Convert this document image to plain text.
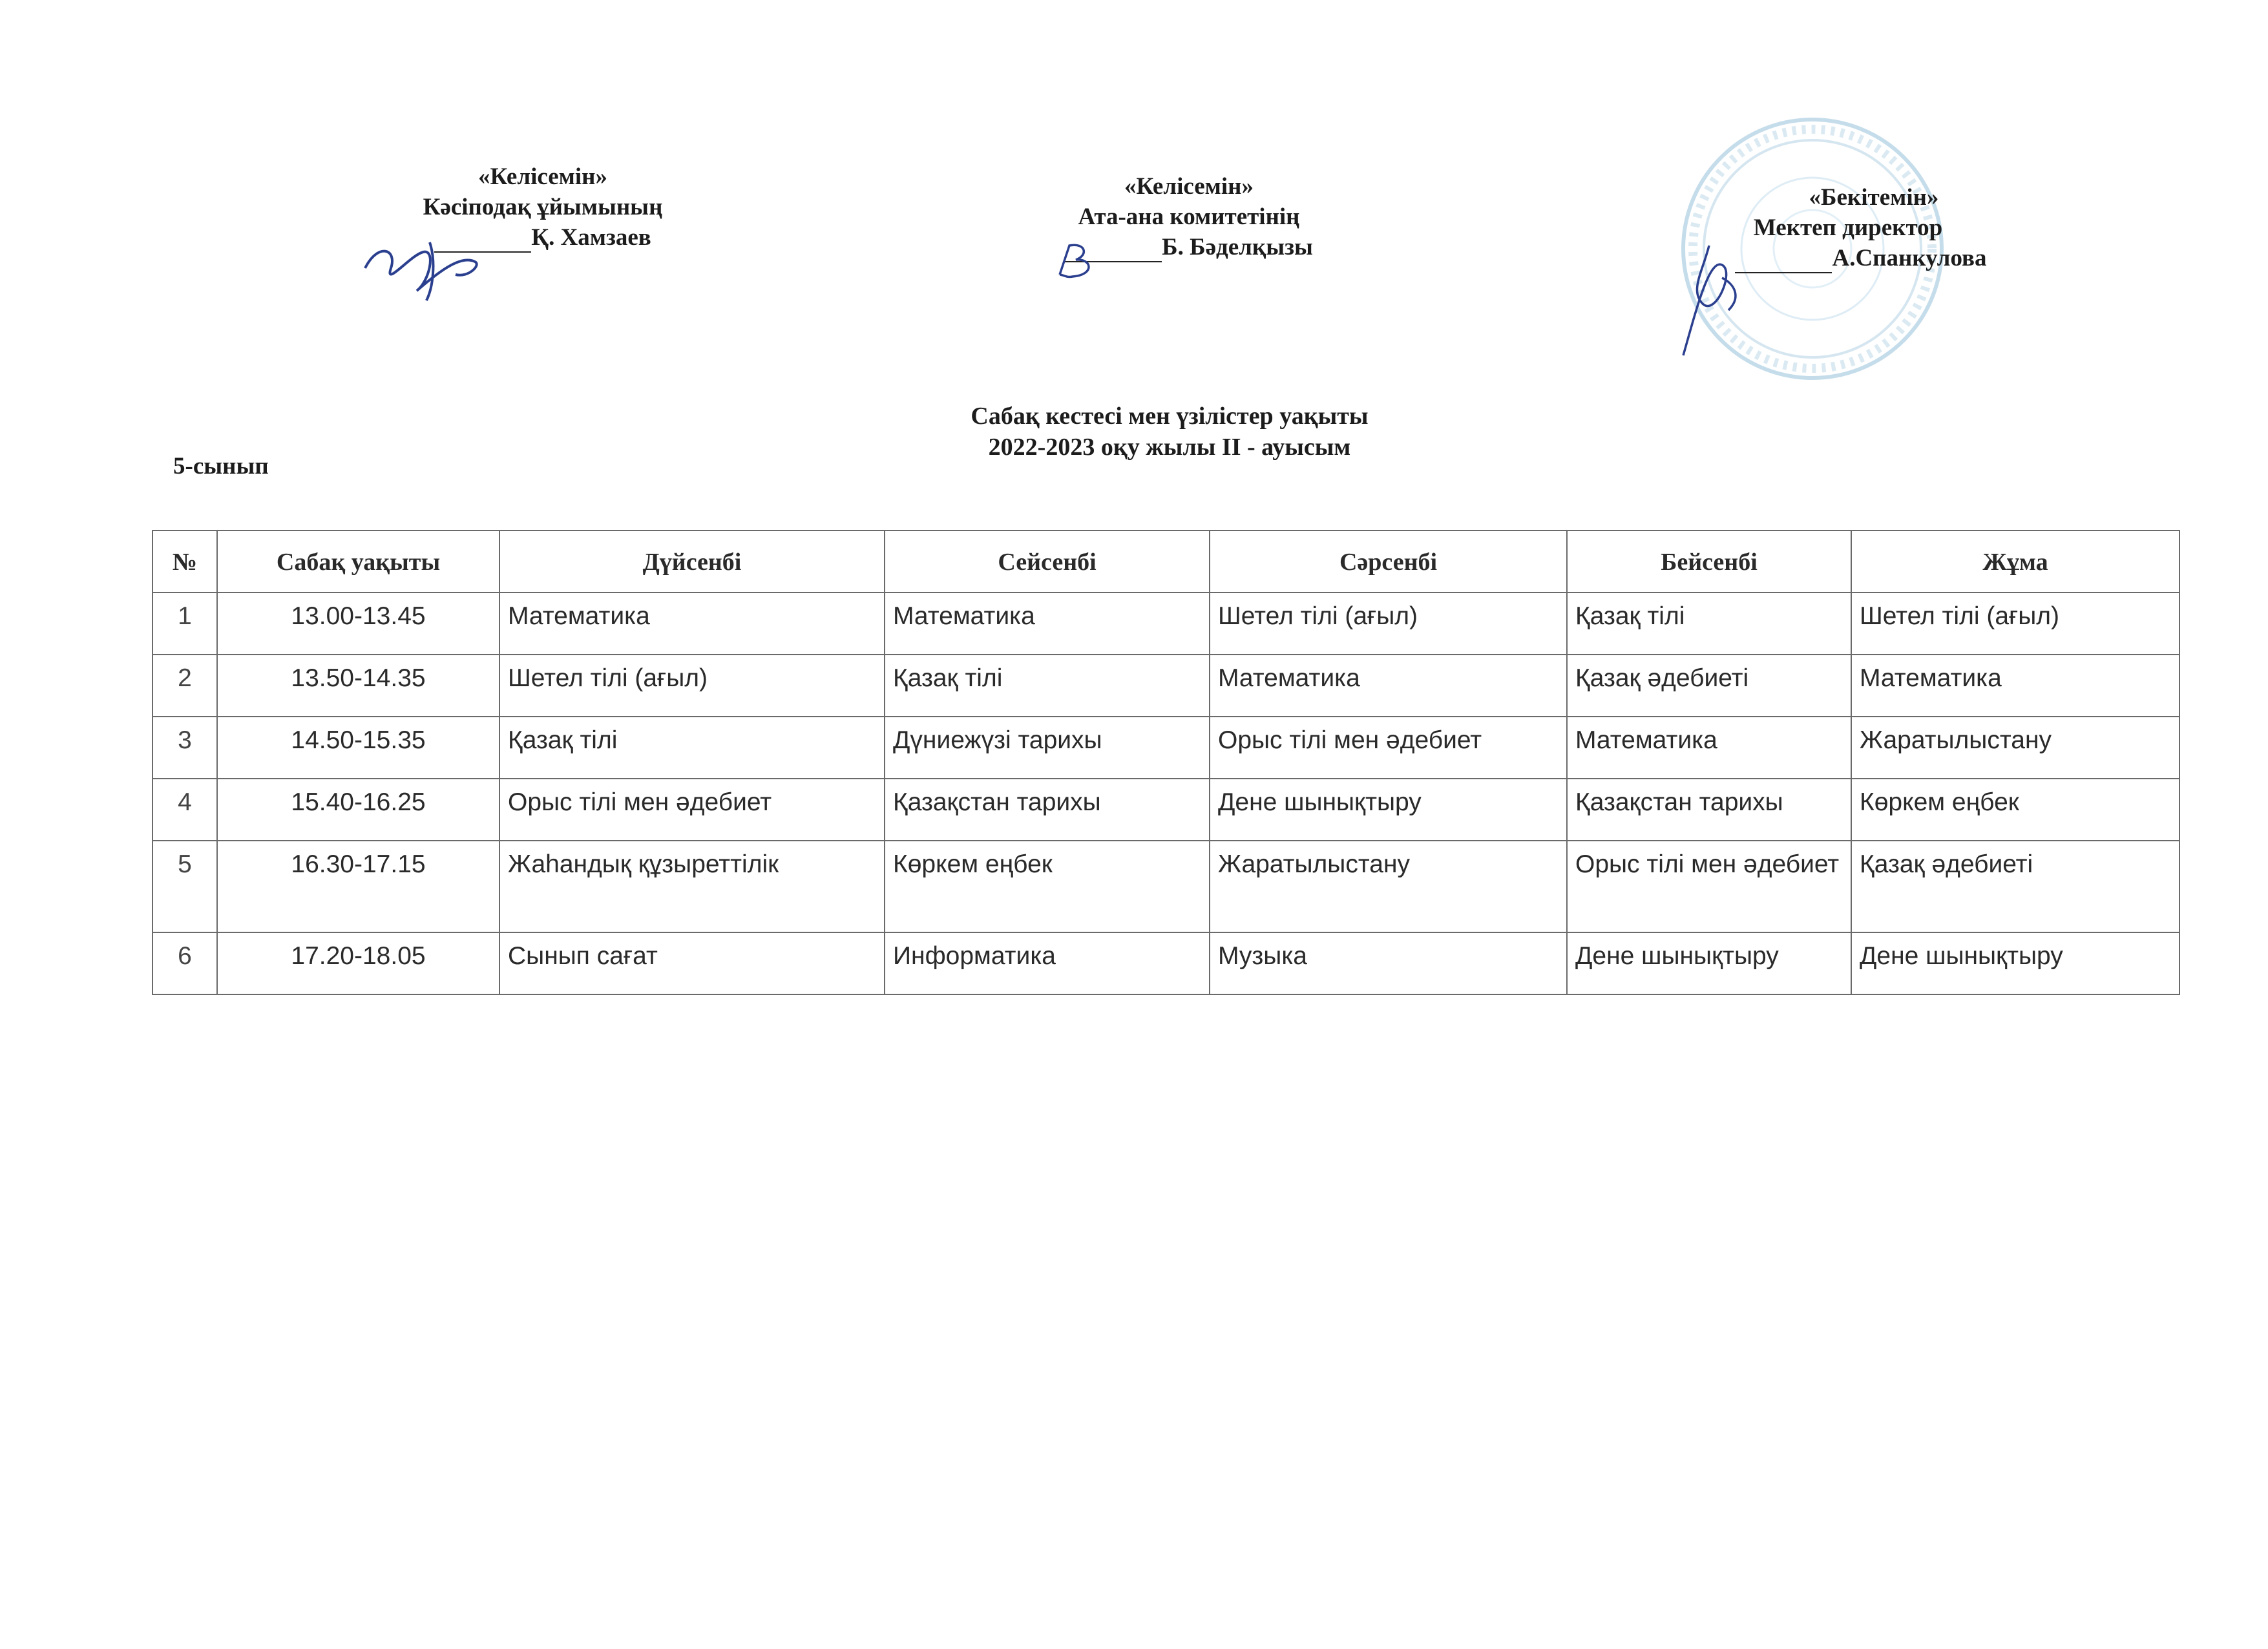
«Келісемін»
Кәсіподақ ұйымының
Қ. Хамзаев
«Келісемін»
Ата-ана комитетінің
Б. Бәделқызы
«Бекітемін»
Мектеп директор
А.Спанкулова
Сабақ кестесі мен үзілістер уақыты
2022-2023 оқу жылы II - ауысым
5-сынып
№	Сабақ уақыты	Дүйсенбі	Сейсенбі	Сәрсенбі	Бейсенбі	Жұма
1	13.00-13.45	Математика	Математика	Шетел тілі (ағыл)	Қазақ тілі	Шетел тілі (ағыл)
2	13.50-14.35	Шетел тілі (ағыл)	Қазақ тілі	Математика	Қазақ әдебиеті	Математика
3	14.50-15.35	Қазақ тілі	Дүниежүзі тарихы	Орыс тілі мен әдебиет	Математика	Жаратылыстану
4	15.40-16.25	Орыс тілі мен әдебиет	Қазақстан тарихы	Дене шынықтыру	Қазақстан тарихы	Көркем еңбек
5	16.30-17.15	Жаһандық құзыреттілік	Көркем еңбек	Жаратылыстану	Орыс тілі мен әдебиет	Қазақ әдебиеті
6	17.20-18.05	Сынып сағат	Информатика	Музыка	Дене шынықтыру	Дене шынықтыру
